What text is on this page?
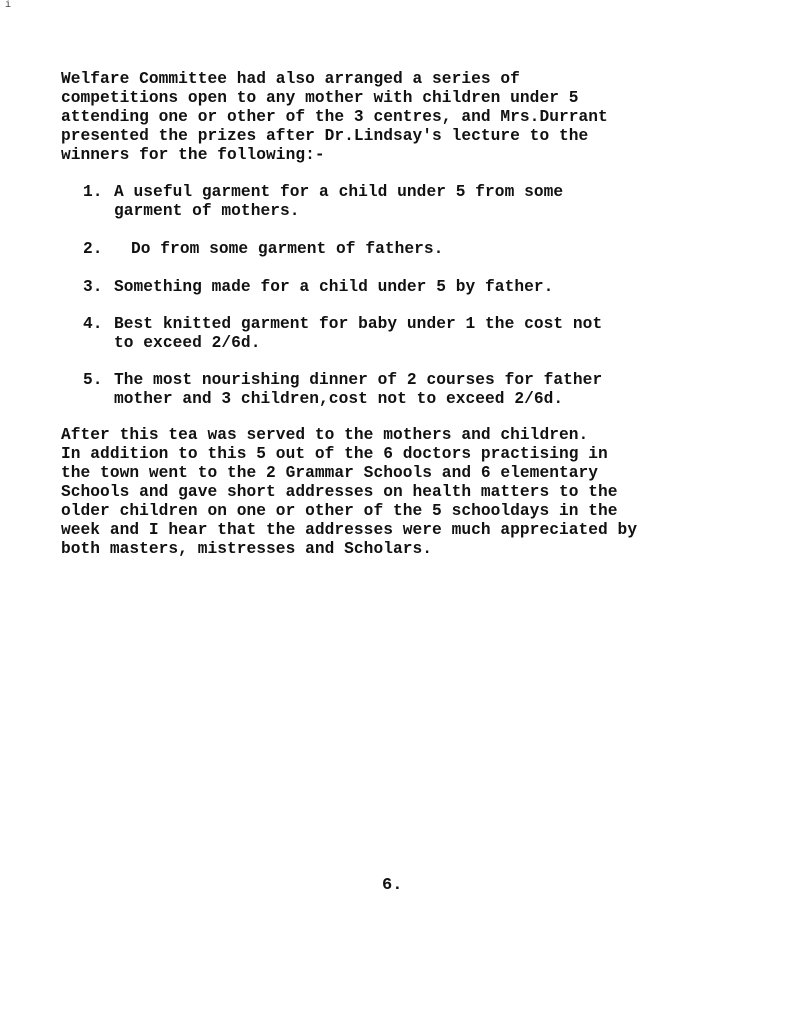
i
Welfare Committee had also arranged a series of
competitions open to any mother with children under 5
attending one or other of the 3 centres, and Mrs.Durrant
presented the prizes after Dr.Lindsay's lecture to the
winners for the following:-
1. A useful garment for a child under 5 from some
garment of mothers.
2. Do from some garment of fathers.
3. Something made for a child under 5 by father.
4. Best knitted garment for baby under 1 the cost not
to exceed 2/6d.
5. The most nourishing dinner of 2 courses for father
mother and 3 children,cost not to exceed 2/6d.
After this tea was served to the mothers and children.
In addition to this 5 out of the 6 doctors practising in
the town went to the 2 Grammar Schools and 6 elementary
Schools and gave short addresses on health matters to the
older children on one or other of the 5 schooldays in the
week and I hear that the addresses were much appreciated by
both masters, mistresses and Scholars.
6.
